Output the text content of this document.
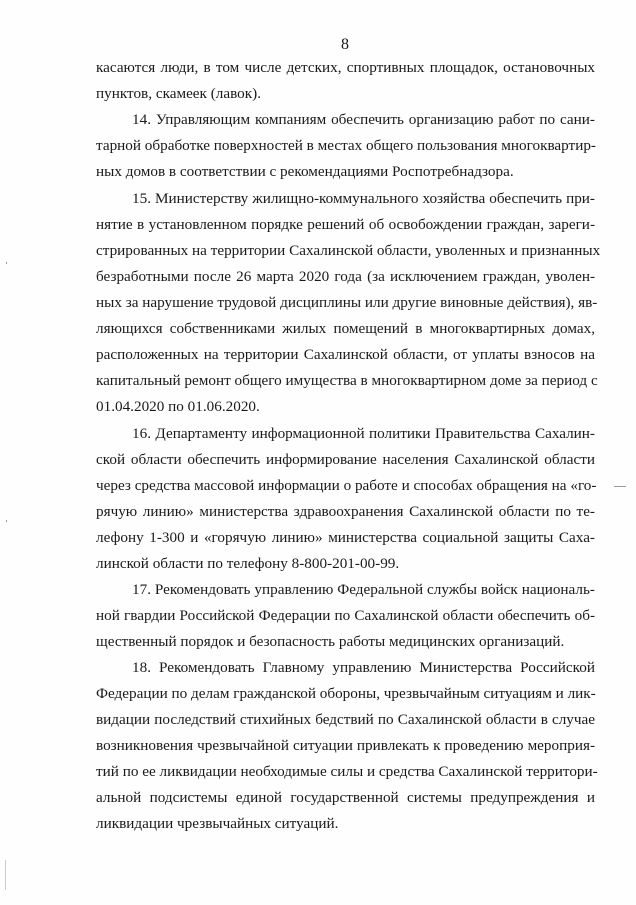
8
касаются люди, в том числе детских, спортивных площадок, остановочных
пунктов, скамеек (лавок).
14. Управляющим компаниям обеспечить организацию работ по сани-
тарной обработке поверхностей в местах общего пользования многоквартир-
ных домов в соответствии с рекомендациями Роспотребнадзора.
15. Министерству жилищно-коммунального хозяйства обеспечить при-
нятие в установленном порядке решений об освобождении граждан, зареги-
стрированных на территории Сахалинской области, уволенных и признанных
безработными после 26 марта 2020 года (за исключением граждан, уволен-
ных за нарушение трудовой дисциплины или другие виновные действия), яв-
ляющихся собственниками жилых помещений в многоквартирных домах,
расположенных на территории Сахалинской области, от уплаты взносов на
капитальный ремонт общего имущества в многоквартирном доме за период с
01.04.2020 по 01.06.2020.
16. Департаменту информационной политики Правительства Сахалин-
ской области обеспечить информирование населения Сахалинской области
через средства массовой информации о работе и способах обращения на «го-
рячую линию» министерства здравоохранения Сахалинской области по те-
лефону 1-300 и «горячую линию» министерства социальной защиты Саха-
линской области по телефону 8-800-201-00-99.
17. Рекомендовать управлению Федеральной службы войск националь-
ной гвардии Российской Федерации по Сахалинской области обеспечить об-
щественный порядок и безопасность работы медицинских организаций.
18. Рекомендовать Главному управлению Министерства Российской
Федерации по делам гражданской обороны, чрезвычайным ситуациям и лик-
видации последствий стихийных бедствий по Сахалинской области в случае
возникновения чрезвычайной ситуации привлекать к проведению мероприя-
тий по ее ликвидации необходимые силы и средства Сахалинской территори-
альной подсистемы единой государственной системы предупреждения и
ликвидации чрезвычайных ситуаций.
